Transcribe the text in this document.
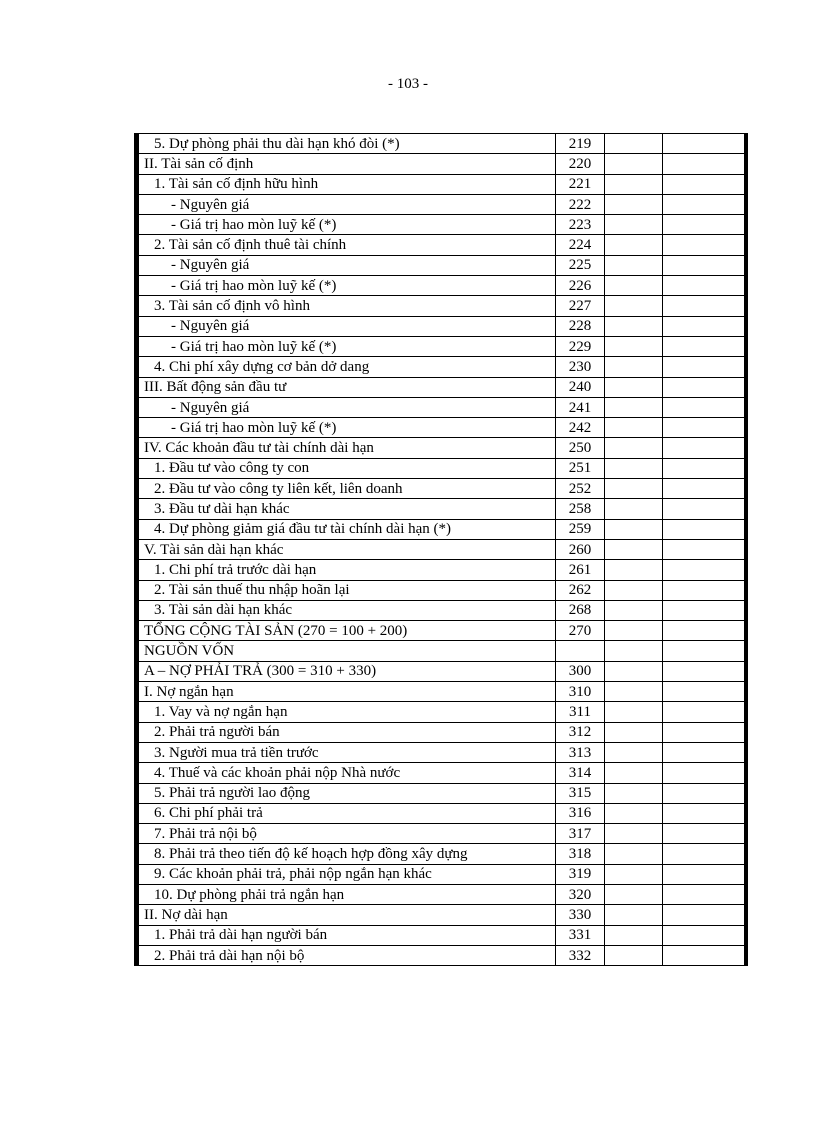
- 103 -
5. Dự phòng phải thu dài hạn khó đòi (*)	219		
II. Tài sản cố định	220		
1. Tài sản cố định hữu hình	221		
- Nguyên giá	222		
- Giá trị hao mòn luỹ kế (*)	223		
2. Tài sản cố định thuê tài chính	224		
- Nguyên giá	225		
- Giá trị hao mòn luỹ kế (*)	226		
3. Tài sản cố định vô hình	227		
- Nguyên giá	228		
- Giá trị hao mòn luỹ kế (*)	229		
4. Chi phí xây dựng cơ bản dở dang	230		
III. Bất động sản đầu tư	240		
- Nguyên giá	241		
- Giá trị hao mòn luỹ kế (*)	242		
IV. Các khoản đầu tư tài chính dài hạn	250		
1. Đầu tư vào công ty con	251		
2. Đầu tư vào công ty liên kết, liên doanh	252		
3. Đầu tư dài hạn khác	258		
4. Dự phòng giảm giá đầu tư tài chính dài hạn (*)	259		
V. Tài sản dài hạn khác	260		
1. Chi phí trả trước dài hạn	261		
2. Tài sản thuế thu nhập hoãn lại	262		
3. Tài sản dài hạn khác	268		
TỔNG CỘNG TÀI SẢN (270 = 100 + 200)	270		
NGUỒN VỐN			
A – NỢ PHẢI TRẢ (300 = 310 + 330)	300		
I. Nợ ngắn hạn	310		
1. Vay và nợ ngắn hạn	311		
2. Phải trả người bán	312		
3. Người mua trả tiền trước	313		
4. Thuế và các khoản phải nộp Nhà nước	314		
5. Phải trả người lao động	315		
6. Chi phí phải trả	316		
7. Phải trả nội bộ	317		
8. Phải trả theo tiến độ kế hoạch hợp đồng xây dựng	318		
9. Các khoản phải trả, phải nộp ngắn hạn khác	319		
10. Dự phòng phải trả ngắn hạn	320		
II. Nợ dài hạn	330		
1. Phải trả dài hạn người bán	331		
2. Phải trả dài hạn nội bộ	332		
